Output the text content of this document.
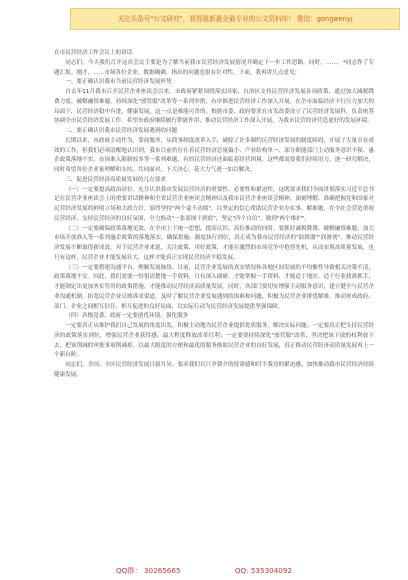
关注头条号"公文研究"，获得最新最全最专业的公文资料库！ 微信：gongwenyj

在市民营经济工作会议上的讲话

同志们，今天我们召开这次会议主要是为了解当前我市民营经济发展情况并确定下一步工作思路。同时，……。*同志作了专题汇报。刚才，……市场各位企业、数据确确、指出的问题也很有针对性。下面，我再讲几点意见：

一、要正确认识我市当前民营经济发展形势

自去年11月我市召开民营企业座谈会以来，市政府紧紧围绕落实国家、自治区支持民营经济发展各项政策，通过加大减税降费力度、破解融资难题、持续深化"放管服"改革等一系列举措，有序推进民营经济工作深入开展，在全市面临经济下行压力加大的局面下，民营经济稳中有进，健康发展，这一点是难能可贵的。根据市委、政府要求在市发改委设立了民营经济发展科，负责统筹协调全市民营经济发展工作。希望市政府继续履行职能作用，推动民营经济工作深入开展，为我市民营经济营造更好的发展环境。

二、要正确认识我市民营经济发展遇到的问题

长期以来，市政府主动作为，靠前服务，从简事制度改革入手，破除了许多制约民营经济发展的制度障碍，开展了大量卓有成效的工作，但我们必须清醒地认识到，我市目前仍存在着民营经济总量偏小、产业结构单一、部分职能部门主动服务意识不强、惠企政策落地不实、市场准入限制较多等一系列难题，有的民营经济还面临着经营困境。这些都需要我们持续用力，逐一研究解决，同时希望各位企业家理解和支持，共同面对，下大决心，花大力气逐一加以解决。

三、促进民营经济高质量发展的几点要求

（一）一定要提高政治站位。充分认识我市发展民营经济的重要性、必要性和紧迫性，这既要求我们全面贯彻落实习近平总书记在民营企业座谈会上的重要讲话精神和全省民营企业座谈会精神以及我市民营企业座谈会精神，深刻理解、准确把握党和国家对民营经济发展的鲜明立场和大政方针，始终坚持"两个毫不动摇"，以坚定的信心帮助民营企业办实事、解难题，在全社会营造重视民营经济、支持民营经济的良好氛围，全力推动"一张蓝图干到底"，坚定"四个自信"，做到"两个维护"。

（二）一定要确保政策落地见效。在全市上下统一思想、提高认识、高位推动的同时，要抓好减税降费、破解融资难题、加大市场开放准入等一系列惠企政策的落地落实，确保措施、制度执行到位，真正成为我市民营经济的"助推器""润滑剂"，推动民营经济发展不断取得新成效。对于民营企业来说，关注政策、用好政策，才能在激烈的市场竞争中抢得先机，从而实现高质量发展，也只有这样，民营企业才能发展壮大，这样才能真正实现民营经济平稳发展。

（三）一定要搭建沟通平台，理顺发展脉络。目前，民营企业发展的真实情况和各地区间发展的不均衡性导致相关决策不清，政策落地不实。因此，我们需要一份很清楚地一手资料，只有深入调研，才能掌握一手资料，才能适于地区、适于行业找准抓手，才能制定出更加务实管用的政策措施，才能推动民营经济高质量发展。同时，各部门要切实增强主动服务意识，建立健全与民营企业沟通机制，拓宽民营企业反映诉求渠道，及时了解民营企业发展遇到的困难和问题，积极为民营企业排忧解难。推动形成政府、部门、企业之间相互信任、相互促进的良好局面，以实际行动为民营经济发展提供坚强保障。

（四）各级党委、政府一定要创优环境、强化服务

一定要真正从维护我们自己发展的角度出发，积极主动地为民营企业提供优质服务，解决实际问题；一定要真正把支持民营经济的政策落实到位，增强民营企业获得感，最大程度释放改革红利；一定要要持续深化"放管服"改革，坚决把该下放的权利放下去，把该削减的审批事项削减掉，以最大限度的方便和最优的服务换取民营企业的良好发展，真正推动民营经济高质量发展再上一个新台阶。

同志们，全国、全区民营经济发展日新月异，要求我们以只争朝夕的使命感和时不我待的紧迫感，加快推动我市民营经济持续健康发展。

QQ群： 30265665	QQ: 535304092
